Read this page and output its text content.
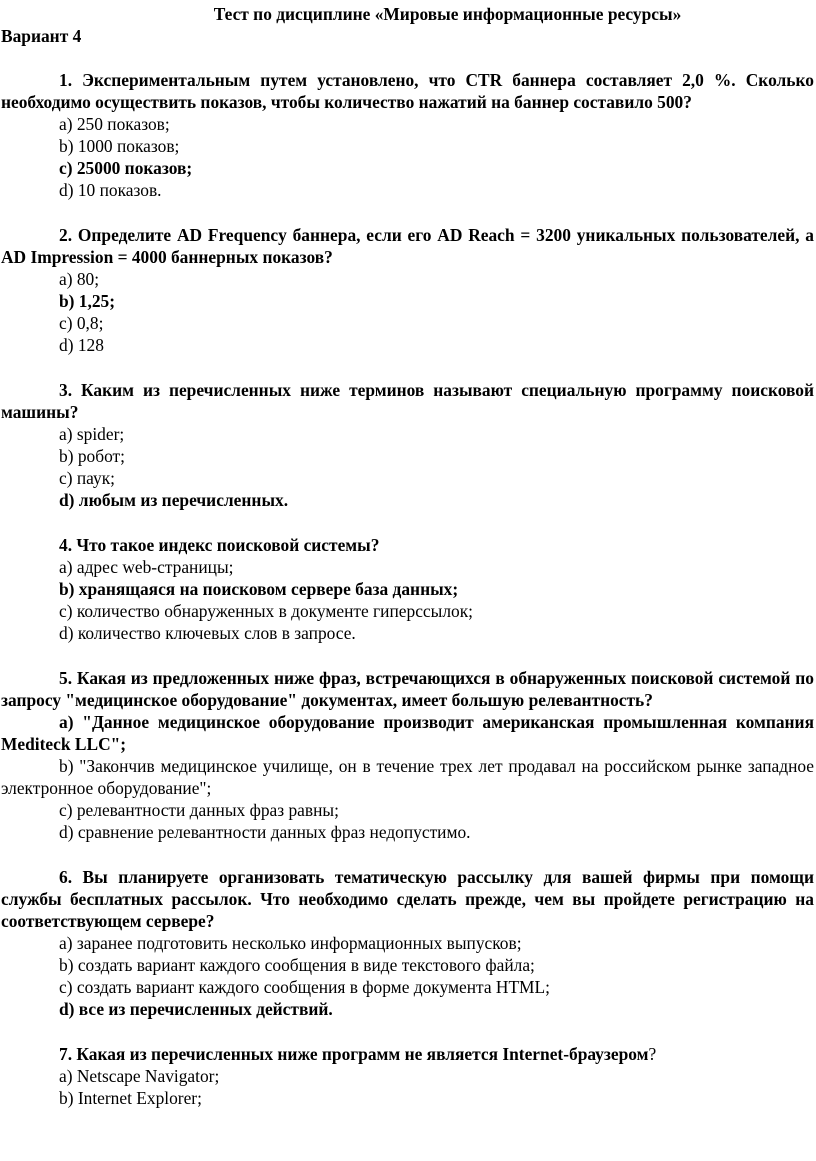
Тест по дисциплине «Мировые информационные ресурсы»
Вариант 4

1. Экспериментальным путем установлено, что CTR баннера составляет 2,0 %. Сколько необходимо осуществить показов, чтобы количество нажатий на баннер составило 500?

a) 250 показов;

b) 1000 показов;

c) 25000 показов;

d) 10 показов.

2. Определите AD Frequency баннера, если его AD Reach = 3200 уникальных пользователей, а AD Impression = 4000 баннерных показов?

a) 80;

b) 1,25;

c) 0,8;

d) 128

3. Каким из перечисленных ниже терминов называют специальную программу поисковой машины?

a) spider;

b) робот;

c) паук;

d) любым из перечисленных.

4. Что такое индекс поисковой системы?

a) адрес web-страницы;

b) хранящаяся на поисковом сервере база данных;

c) количество обнаруженных в документе гиперссылок;

d) количество ключевых слов в запросе.

5. Какая из предложенных ниже фраз, встречающихся в обнаруженных поисковой системой по запросу "медицинское оборудование" документах, имеет большую релевантность?

a) "Данное медицинское оборудование производит американская промышленная компания Mediteck LLC";

b) "Закончив медицинское училище, он в течение трех лет продавал на российском рынке западное электронное оборудование";

c) релевантности данных фраз равны;

d) сравнение релевантности данных фраз недопустимо.

6. Вы планируете организовать тематическую рассылку для вашей фирмы при помощи службы бесплатных рассылок. Что необходимо сделать прежде, чем вы пройдете регистрацию на соответствующем сервере?

a) заранее подготовить несколько информационных выпусков;

b) создать вариант каждого сообщения в виде текстового файла;

c) создать вариант каждого сообщения в форме документа HTML;

d) все из перечисленных действий.

7. Какая из перечисленных ниже программ не является Internet-браузером?

a) Netscape Navigator;

b) Internet Explorer;
